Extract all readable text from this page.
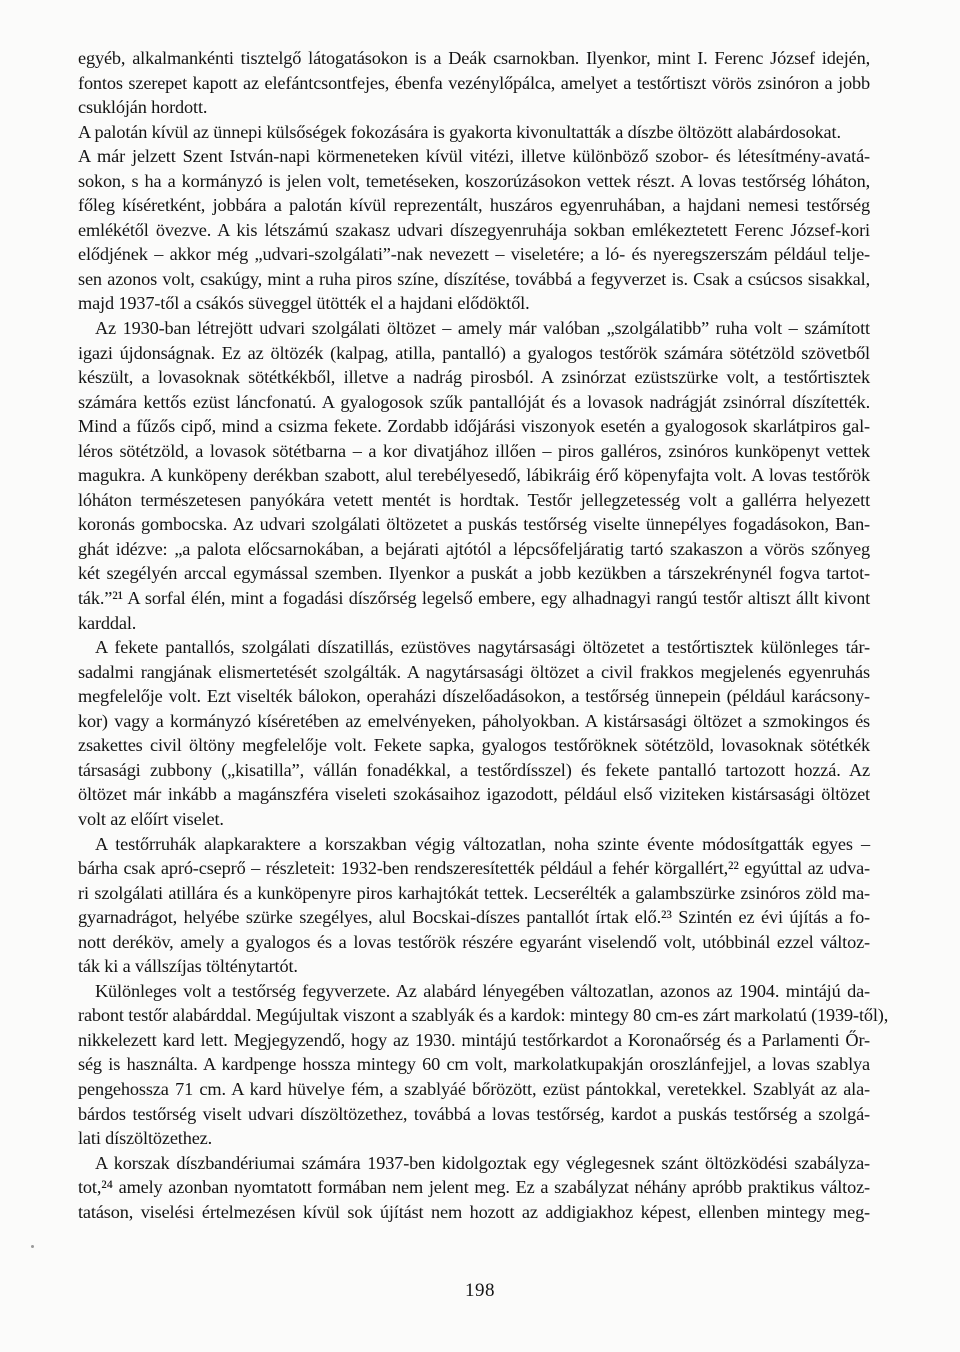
egyéb, alkalmankénti tisztelgő látogatásokon is a Deák csarnokban. Ilyenkor, mint I. Ferenc József idején,
fontos szerepet kapott az elefántcsontfejes, ébenfa vezénylőpálca, amelyet a testőrtiszt vörös zsinóron a jobb
csuklóján hordott.
A palotán kívül az ünnepi külsőségek fokozására is gyakorta kivonultatták a díszbe öltözött alabárdosokat.
A már jelzett Szent István-napi körmeneteken kívül vitézi, illetve különböző szobor- és létesítmény-avatá-
sokon, s ha a kormányzó is jelen volt, temetéseken, koszorúzásokon vettek részt. A lovas testőrség lóháton,
főleg kíséretként, jobbára a palotán kívül reprezentált, huszáros egyenruhában, a hajdani nemesi testőrség
emlékétől övezve. A kis létszámú szakasz udvari díszegyenruhája sokban emlékeztetett Ferenc József-kori
elődjének – akkor még „udvari-szolgálati”-nak nevezett – viseletére; a ló- és nyeregszerszám például telje-
sen azonos volt, csakúgy, mint a ruha piros színe, díszítése, továbbá a fegyverzet is. Csak a csúcsos sisakkal,
majd 1937-től a csákós süveggel ütötték el a hajdani elődöktől.
Az 1930-ban létrejött udvari szolgálati öltözet – amely már valóban „szolgálatibb” ruha volt – számított
igazi újdonságnak. Ez az öltözék (kalpag, atilla, pantalló) a gyalogos testőrök számára sötétzöld szövetből
készült, a lovasoknak sötétkékből, illetve a nadrág pirosból. A zsinórzat ezüstszürke volt, a testőrtisztek
számára kettős ezüst láncfonatú. A gyalogosok szűk pantallóját és a lovasok nadrágját zsinórral díszítették.
Mind a fűzős cipő, mind a csizma fekete. Zordabb időjárási viszonyok esetén a gyalogosok skarlátpiros gal-
léros sötétzöld, a lovasok sötétbarna – a kor divatjához illően – piros galléros, zsinóros kunköpenyt vettek
magukra. A kunköpeny derékban szabott, alul terebélyesedő, lábikráig érő köpenyfajta volt. A lovas testőrök
lóháton természetesen panyókára vetett mentét is hordtak. Testőr jellegzetesség volt a gallérra helyezett
koronás gombocska. Az udvari szolgálati öltözetet a puskás testőrség viselte ünnepélyes fogadásokon, Ban-
ghát idézve: „a palota előcsarnokában, a bejárati ajtótól a lépcsőfeljáratig tartó szakaszon a vörös szőnyeg
két szegélyén arccal egymással szemben. Ilyenkor a puskát a jobb kezükben a társzekrénynél fogva tartot-
ták.”²¹ A sorfal élén, mint a fogadási díszőrség legelső embere, egy alhadnagyi rangú testőr altiszt állt kivont
karddal.
A fekete pantallós, szolgálati díszatillás, ezüstöves nagytársasági öltözetet a testőrtisztek különleges tár-
sadalmi rangjának elismertetését szolgálták. A nagytársasági öltözet a civil frakkos megjelenés egyenruhás
megfelelője volt. Ezt viselték bálokon, operaházi díszelőadásokon, a testőrség ünnepein (például karácsony-
kor) vagy a kormányzó kíséretében az emelvényeken, páholyokban. A kistársasági öltözet a szmokingos és
zsakettes civil öltöny megfelelője volt. Fekete sapka, gyalogos testőröknek sötétzöld, lovasoknak sötétkék
társasági zubbony („kisatilla”, vállán fonadékkal, a testőrdísszel) és fekete pantalló tartozott hozzá. Az
öltözet már inkább a magánszféra viseleti szokásaihoz igazodott, például első viziteken kistársasági öltözet
volt az előírt viselet.
A testőrruhák alapkaraktere a korszakban végig változatlan, noha szinte évente módosítgatták egyes –
bárha csak apró-cseprő – részleteit: 1932-ben rendszeresítették például a fehér körgallért,²² egyúttal az udva-
ri szolgálati atillára és a kunköpenyre piros karhajtókát tettek. Lecserélték a galambszürke zsinóros zöld ma-
gyarnadrágot, helyébe szürke szegélyes, alul Bocskai-díszes pantallót írtak elő.²³ Szintén ez évi újítás a fo-
nott deréköv, amely a gyalogos és a lovas testőrök részére egyaránt viselendő volt, utóbbinál ezzel változ-
ták ki a vállszíjas tölténytartót.
Különleges volt a testőrség fegyverzete. Az alabárd lényegében változatlan, azonos az 1904. mintájú da-
rabont testőr alabárddal. Megújultak viszont a szablyák és a kardok: mintegy 80 cm-es zárt markolatú (1939-től),
nikkelezett kard lett. Megjegyzendő, hogy az 1930. mintájú testőrkardot a Koronaőrség és a Parlamenti Őr-
ség is használta. A kardpenge hossza mintegy 60 cm volt, markolatkupakján oroszlánfejjel, a lovas szablya
pengehossza 71 cm. A kard hüvelye fém, a szablyáé bőrözött, ezüst pántokkal, veretekkel. Szablyát az ala-
bárdos testőrség viselt udvari díszöltözethez, továbbá a lovas testőrség, kardot a puskás testőrség a szolgá-
lati díszöltözethez.
A korszak díszbandériumai számára 1937-ben kidolgoztak egy véglegesnek szánt öltözködési szabályza-
tot,²⁴ amely azonban nyomtatott formában nem jelent meg. Ez a szabályzat néhány apróbb praktikus változ-
tatáson, viselési értelmezésen kívül sok újítást nem hozott az addigiakhoz képest, ellenben mintegy meg-
198
